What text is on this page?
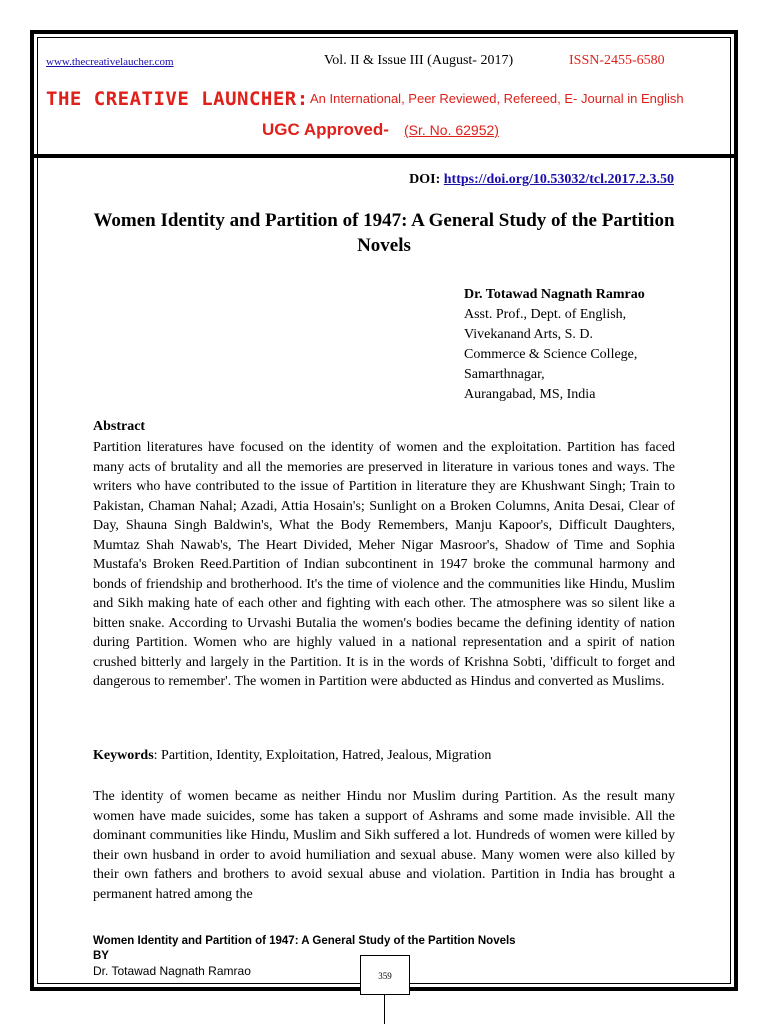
www.thecreativelaucher.com	Vol. II & Issue III (August- 2017)	ISSN-2455-6580
THE CREATIVE LAUNCHER: An International, Peer Reviewed, Refereed, E- Journal in English
UGC Approved- (Sr. No. 62952)
DOI: https://doi.org/10.53032/tcl.2017.2.3.50
Women Identity and Partition of 1947: A General Study of the Partition Novels
Dr. Totawad Nagnath Ramrao
Asst. Prof., Dept. of English,
Vivekanand Arts, S. D.
Commerce & Science College,
Samarthnagar,
Aurangabad, MS, India
Abstract
Partition literatures have focused on the identity of women and the exploitation. Partition has faced many acts of brutality and all the memories are preserved in literature in various tones and ways. The writers who have contributed to the issue of Partition in literature they are Khushwant Singh; Train to Pakistan, Chaman Nahal; Azadi, Attia Hosain's; Sunlight on a Broken Columns, Anita Desai, Clear of Day, Shauna Singh Baldwin's, What the Body Remembers, Manju Kapoor's, Difficult Daughters, Mumtaz Shah Nawab's, The Heart Divided, Meher Nigar Masroor's, Shadow of Time and Sophia Mustafa's Broken Reed.Partition of Indian subcontinent in 1947 broke the communal harmony and bonds of friendship and brotherhood. It's the time of violence and the communities like Hindu, Muslim and Sikh making hate of each other and fighting with each other. The atmosphere was so silent like a bitten snake. According to Urvashi Butalia the women's bodies became the defining identity of nation during Partition. Women who are highly valued in a national representation and a spirit of nation crushed bitterly and largely in the Partition. It is in the words of Krishna Sobti, 'difficult to forget and dangerous to remember'. The women in Partition were abducted as Hindus and converted as Muslims.
Keywords: Partition, Identity, Exploitation, Hatred, Jealous, Migration
The identity of women became as neither Hindu nor Muslim during Partition. As the result many women have made suicides, some has taken a support of Ashrams and some made invisible. All the dominant communities like Hindu, Muslim and Sikh suffered a lot. Hundreds of women were killed by their own husband in order to avoid humiliation and sexual abuse. Many women were also killed by their own fathers and brothers to avoid sexual abuse and violation. Partition in India has brought a permanent hatred among the
Women Identity and Partition of 1947: A General Study of the Partition Novels
BY
Dr. Totawad Nagnath Ramrao	359
